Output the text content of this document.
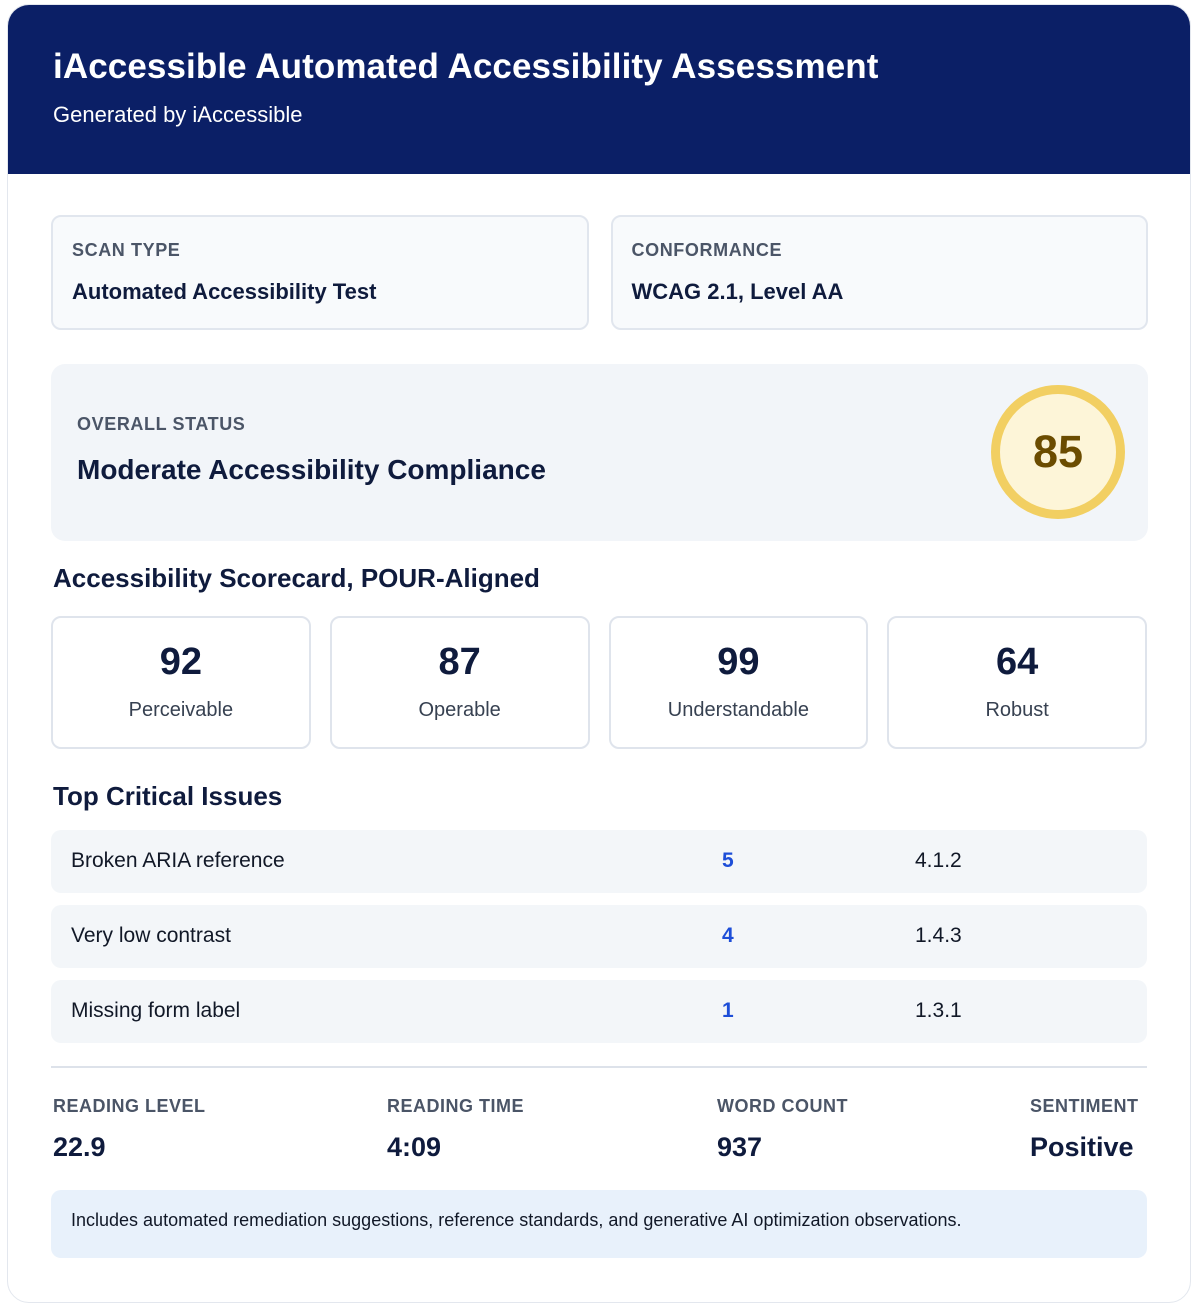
iAccessible Automated Accessibility Assessment
Generated by iAccessible
SCAN TYPE
Automated Accessibility Test
CONFORMANCE
WCAG 2.1, Level AA
OVERALL STATUS
Moderate Accessibility Compliance	85
Accessibility Scorecard, POUR-Aligned
92
Perceivable
87
Operable
99
Understandable
64
Robust
Top Critical Issues
Broken ARIA reference	5	4.1.2
Very low contrast	4	1.4.3
Missing form label	1	1.3.1
READING LEVEL
22.9
READING TIME
4:09
WORD COUNT
937
SENTIMENT
Positive
Includes automated remediation suggestions, reference standards, and generative AI optimization observations.
